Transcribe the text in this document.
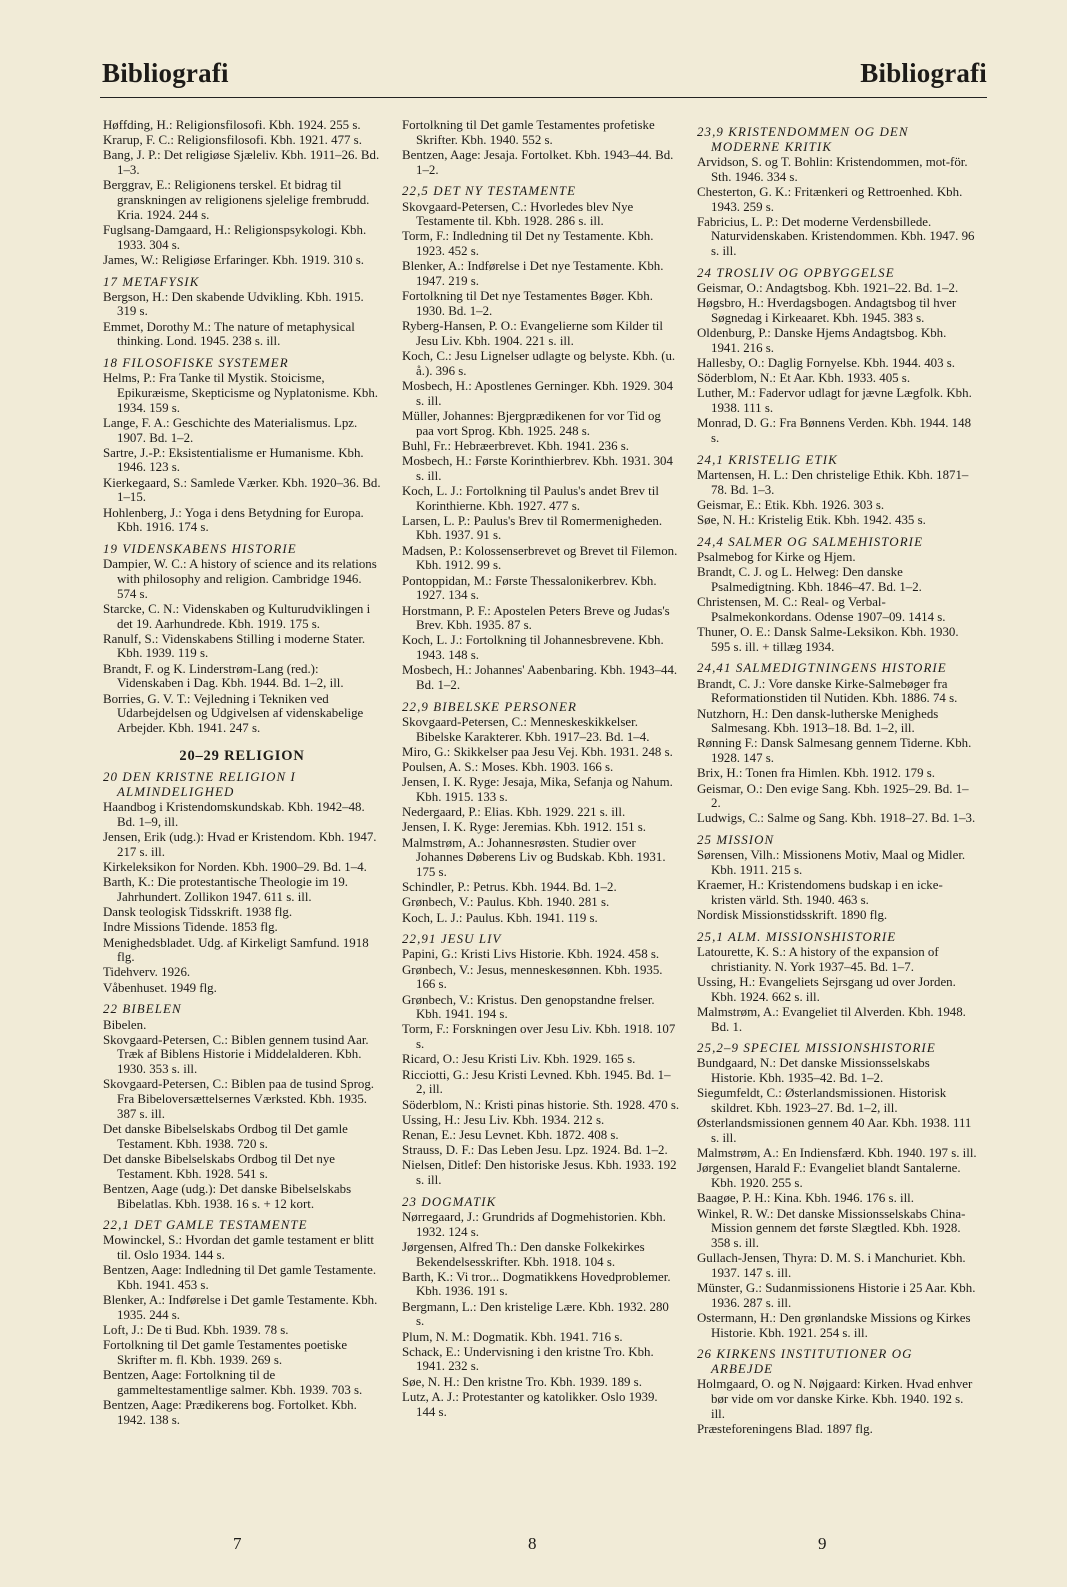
Bibliografi	Bibliografi

Høffding, H.: Religionsfilosofi. Kbh. 1924. 255 s.

Krarup, F. C.: Religionsfilosofi. Kbh. 1921. 477 s.

Bang, J. P.: Det religiøse Sjæleliv. Kbh. 1911–26. Bd. 1–3.

Berggrav, E.: Religionens terskel. Et bidrag til granskningen av religionens sjelelige frembrudd. Kria. 1924. 244 s.

Fuglsang-Damgaard, H.: Religionspsykologi. Kbh. 1933. 304 s.

James, W.: Religiøse Erfaringer. Kbh. 1919. 310 s.

17 METAFYSIK

Bergson, H.: Den skabende Udvikling. Kbh. 1915. 319 s.

Emmet, Dorothy M.: The nature of metaphysical thinking. Lond. 1945. 238 s. ill.

18 FILOSOFISKE SYSTEMER

Helms, P.: Fra Tanke til Mystik. Stoicisme, Epikuræisme, Skepticisme og Nyplatonisme. Kbh. 1934. 159 s.

Lange, F. A.: Geschichte des Materialismus. Lpz. 1907. Bd. 1–2.

Sartre, J.-P.: Eksistentialisme er Humanisme. Kbh. 1946. 123 s.

Kierkegaard, S.: Samlede Værker. Kbh. 1920–36. Bd. 1–15.

Hohlenberg, J.: Yoga i dens Betydning for Europa. Kbh. 1916. 174 s.

19 VIDENSKABENS HISTORIE

Dampier, W. C.: A history of science and its relations with philosophy and religion. Cambridge 1946. 574 s.

Starcke, C. N.: Videnskaben og Kulturudviklingen i det 19. Aarhundrede. Kbh. 1919. 175 s.

Ranulf, S.: Videnskabens Stilling i moderne Stater. Kbh. 1939. 119 s.

Brandt, F. og K. Linderstrøm-Lang (red.): Videnskaben i Dag. Kbh. 1944. Bd. 1–2, ill.

Borries, G. V. T.: Vejledning i Tekniken ved Udarbejdelsen og Udgivelsen af videnskabelige Arbejder. Kbh. 1941. 247 s.

20–29 RELIGION

20 DEN KRISTNE RELIGION I ALMINDELIGHED

Haandbog i Kristendomskundskab. Kbh. 1942–48. Bd. 1–9, ill.

Jensen, Erik (udg.): Hvad er Kristendom. Kbh. 1947. 217 s. ill.

Kirkeleksikon for Norden. Kbh. 1900–29. Bd. 1–4.

Barth, K.: Die protestantische Theologie im 19. Jahrhundert. Zollikon 1947. 611 s. ill.

Dansk teologisk Tidsskrift. 1938 flg.

Indre Missions Tidende. 1853 flg.

Menighedsbladet. Udg. af Kirkeligt Samfund. 1918 flg.

Tidehverv. 1926.

Våbenhuset. 1949 flg.

22 BIBELEN

Bibelen.

Skovgaard-Petersen, C.: Biblen gennem tusind Aar. Træk af Biblens Historie i Middelalderen. Kbh. 1930. 353 s. ill.

Skovgaard-Petersen, C.: Biblen paa de tusind Sprog. Fra Bibeloversættelsernes Værksted. Kbh. 1935. 387 s. ill.

Det danske Bibelselskabs Ordbog til Det gamle Testament. Kbh. 1938. 720 s.

Det danske Bibelselskabs Ordbog til Det nye Testament. Kbh. 1928. 541 s.

Bentzen, Aage (udg.): Det danske Bibelselskabs Bibelatlas. Kbh. 1938. 16 s. + 12 kort.

22,1 DET GAMLE TESTAMENTE

Mowinckel, S.: Hvordan det gamle testament er blitt til. Oslo 1934. 144 s.

Bentzen, Aage: Indledning til Det gamle Testamente. Kbh. 1941. 453 s.

Blenker, A.: Indførelse i Det gamle Testamente. Kbh. 1935. 244 s.

Loft, J.: De ti Bud. Kbh. 1939. 78 s.

Fortolkning til Det gamle Testamentes poetiske Skrifter m. fl. Kbh. 1939. 269 s.

Bentzen, Aage: Fortolkning til de gammeltestamentlige salmer. Kbh. 1939. 703 s.

Bentzen, Aage: Prædikerens bog. Fortolket. Kbh. 1942. 138 s.

Fortolkning til Det gamle Testamentes profetiske Skrifter. Kbh. 1940. 552 s.

Bentzen, Aage: Jesaja. Fortolket. Kbh. 1943–44. Bd. 1–2.

22,5 DET NY TESTAMENTE

Skovgaard-Petersen, C.: Hvorledes blev Nye Testamente til. Kbh. 1928. 286 s. ill.

Torm, F.: Indledning til Det ny Testamente. Kbh. 1923. 452 s.

Blenker, A.: Indførelse i Det nye Testamente. Kbh. 1947. 219 s.

Fortolkning til Det nye Testamentes Bøger. Kbh. 1930. Bd. 1–2.

Ryberg-Hansen, P. O.: Evangelierne som Kilder til Jesu Liv. Kbh. 1904. 221 s. ill.

Koch, C.: Jesu Lignelser udlagte og belyste. Kbh. (u. å.). 396 s.

Mosbech, H.: Apostlenes Gerninger. Kbh. 1929. 304 s. ill.

Müller, Johannes: Bjergprædikenen for vor Tid og paa vort Sprog. Kbh. 1925. 248 s.

Buhl, Fr.: Hebræerbrevet. Kbh. 1941. 236 s.

Mosbech, H.: Første Korinthierbrev. Kbh. 1931. 304 s. ill.

Koch, L. J.: Fortolkning til Paulus's andet Brev til Korinthierne. Kbh. 1927. 477 s.

Larsen, L. P.: Paulus's Brev til Romermenigheden. Kbh. 1937. 91 s.

Madsen, P.: Kolossenserbrevet og Brevet til Filemon. Kbh. 1912. 99 s.

Pontoppidan, M.: Første Thessalonikerbrev. Kbh. 1927. 134 s.

Horstmann, P. F.: Apostelen Peters Breve og Judas's Brev. Kbh. 1935. 87 s.

Koch, L. J.: Fortolkning til Johannesbrevene. Kbh. 1943. 148 s.

Mosbech, H.: Johannes' Aabenbaring. Kbh. 1943–44. Bd. 1–2.

22,9 BIBELSKE PERSONER

Skovgaard-Petersen, C.: Menneskeskikkelser. Bibelske Karakterer. Kbh. 1917–23. Bd. 1–4.

Miro, G.: Skikkelser paa Jesu Vej. Kbh. 1931. 248 s.

Poulsen, A. S.: Moses. Kbh. 1903. 166 s.

Jensen, I. K. Ryge: Jesaja, Mika, Sefanja og Nahum. Kbh. 1915. 133 s.

Nedergaard, P.: Elias. Kbh. 1929. 221 s. ill.

Jensen, I. K. Ryge: Jeremias. Kbh. 1912. 151 s.

Malmstrøm, A.: Johannesrøsten. Studier over Johannes Døberens Liv og Budskab. Kbh. 1931. 175 s.

Schindler, P.: Petrus. Kbh. 1944. Bd. 1–2.

Grønbech, V.: Paulus. Kbh. 1940. 281 s.

Koch, L. J.: Paulus. Kbh. 1941. 119 s.

22,91 JESU LIV

Papini, G.: Kristi Livs Historie. Kbh. 1924. 458 s.

Grønbech, V.: Jesus, menneskesønnen. Kbh. 1935. 166 s.

Grønbech, V.: Kristus. Den genopstandne frelser. Kbh. 1941. 194 s.

Torm, F.: Forskningen over Jesu Liv. Kbh. 1918. 107 s.

Ricard, O.: Jesu Kristi Liv. Kbh. 1929. 165 s.

Ricciotti, G.: Jesu Kristi Levned. Kbh. 1945. Bd. 1–2, ill.

Söderblom, N.: Kristi pinas historie. Sth. 1928. 470 s.

Ussing, H.: Jesu Liv. Kbh. 1934. 212 s.

Renan, E.: Jesu Levnet. Kbh. 1872. 408 s.

Strauss, D. F.: Das Leben Jesu. Lpz. 1924. Bd. 1–2.

Nielsen, Ditlef: Den historiske Jesus. Kbh. 1933. 192 s. ill.

23 DOGMATIK

Nørregaard, J.: Grundrids af Dogmehistorien. Kbh. 1932. 124 s.

Jørgensen, Alfred Th.: Den danske Folkekirkes Bekendelsesskrifter. Kbh. 1918. 104 s.

Barth, K.: Vi tror... Dogmatikkens Hovedproblemer. Kbh. 1936. 191 s.

Bergmann, L.: Den kristelige Lære. Kbh. 1932. 280 s.

Plum, N. M.: Dogmatik. Kbh. 1941. 716 s.

Schack, E.: Undervisning i den kristne Tro. Kbh. 1941. 232 s.

Søe, N. H.: Den kristne Tro. Kbh. 1939. 189 s.

Lutz, A. J.: Protestanter og katolikker. Oslo 1939. 144 s.

23,9 KRISTENDOMMEN OG DEN MODERNE KRITIK

Arvidson, S. og T. Bohlin: Kristendommen, mot-för. Sth. 1946. 334 s.

Chesterton, G. K.: Fritænkeri og Rettroenhed. Kbh. 1943. 259 s.

Fabricius, L. P.: Det moderne Verdensbillede. Naturvidenskaben. Kristendommen. Kbh. 1947. 96 s. ill.

24 TROSLIV OG OPBYGGELSE

Geismar, O.: Andagtsbog. Kbh. 1921–22. Bd. 1–2.

Høgsbro, H.: Hverdagsbogen. Andagtsbog til hver Søgnedag i Kirkeaaret. Kbh. 1945. 383 s.

Oldenburg, P.: Danske Hjems Andagtsbog. Kbh. 1941. 216 s.

Hallesby, O.: Daglig Fornyelse. Kbh. 1944. 403 s.

Söderblom, N.: Et Aar. Kbh. 1933. 405 s.

Luther, M.: Fadervor udlagt for jævne Lægfolk. Kbh. 1938. 111 s.

Monrad, D. G.: Fra Bønnens Verden. Kbh. 1944. 148 s.

24,1 KRISTELIG ETIK

Martensen, H. L.: Den christelige Ethik. Kbh. 1871–78. Bd. 1–3.

Geismar, E.: Etik. Kbh. 1926. 303 s.

Søe, N. H.: Kristelig Etik. Kbh. 1942. 435 s.

24,4 SALMER OG SALMEHISTORIE

Psalmebog for Kirke og Hjem.

Brandt, C. J. og L. Helweg: Den danske Psalmedigtning. Kbh. 1846–47. Bd. 1–2.

Christensen, M. C.: Real- og Verbal-Psalmekonkordans. Odense 1907–09. 1414 s.

Thuner, O. E.: Dansk Salme-Leksikon. Kbh. 1930. 595 s. ill. + tillæg 1934.

24,41 SALMEDIGTNINGENS HISTORIE

Brandt, C. J.: Vore danske Kirke-Salmebøger fra Reformationstiden til Nutiden. Kbh. 1886. 74 s.

Nutzhorn, H.: Den dansk-lutherske Menigheds Salmesang. Kbh. 1913–18. Bd. 1–2, ill.

Rønning F.: Dansk Salmesang gennem Tiderne. Kbh. 1928. 147 s.

Brix, H.: Tonen fra Himlen. Kbh. 1912. 179 s.

Geismar, O.: Den evige Sang. Kbh. 1925–29. Bd. 1–2.

Ludwigs, C.: Salme og Sang. Kbh. 1918–27. Bd. 1–3.

25 MISSION

Sørensen, Vilh.: Missionens Motiv, Maal og Midler. Kbh. 1911. 215 s.

Kraemer, H.: Kristendomens budskap i en icke-kristen värld. Sth. 1940. 463 s.

Nordisk Missionstidsskrift. 1890 flg.

25,1 ALM. MISSIONSHISTORIE

Latourette, K. S.: A history of the expansion of christianity. N. York 1937–45. Bd. 1–7.

Ussing, H.: Evangeliets Sejrsgang ud over Jorden. Kbh. 1924. 662 s. ill.

Malmstrøm, A.: Evangeliet til Alverden. Kbh. 1948. Bd. 1.

25,2–9 SPECIEL MISSIONSHISTORIE

Bundgaard, N.: Det danske Missionsselskabs Historie. Kbh. 1935–42. Bd. 1–2.

Siegumfeldt, C.: Østerlandsmissionen. Historisk skildret. Kbh. 1923–27. Bd. 1–2, ill.

Østerlandsmissionen gennem 40 Aar. Kbh. 1938. 111 s. ill.

Malmstrøm, A.: En Indiensfærd. Kbh. 1940. 197 s. ill.

Jørgensen, Harald F.: Evangeliet blandt Santalerne. Kbh. 1920. 255 s.

Baagøe, P. H.: Kina. Kbh. 1946. 176 s. ill.

Winkel, R. W.: Det danske Missionsselskabs China-Mission gennem det første Slægtled. Kbh. 1928. 358 s. ill.

Gullach-Jensen, Thyra: D. M. S. i Manchuriet. Kbh. 1937. 147 s. ill.

Münster, G.: Sudanmissionens Historie i 25 Aar. Kbh. 1936. 287 s. ill.

Ostermann, H.: Den grønlandske Missions og Kirkes Historie. Kbh. 1921. 254 s. ill.

26 KIRKENS INSTITUTIONER OG ARBEJDE

Holmgaard, O. og N. Nøjgaard: Kirken. Hvad enhver bør vide om vor danske Kirke. Kbh. 1940. 192 s. ill.

Præsteforeningens Blad. 1897 flg.

7	8	9
